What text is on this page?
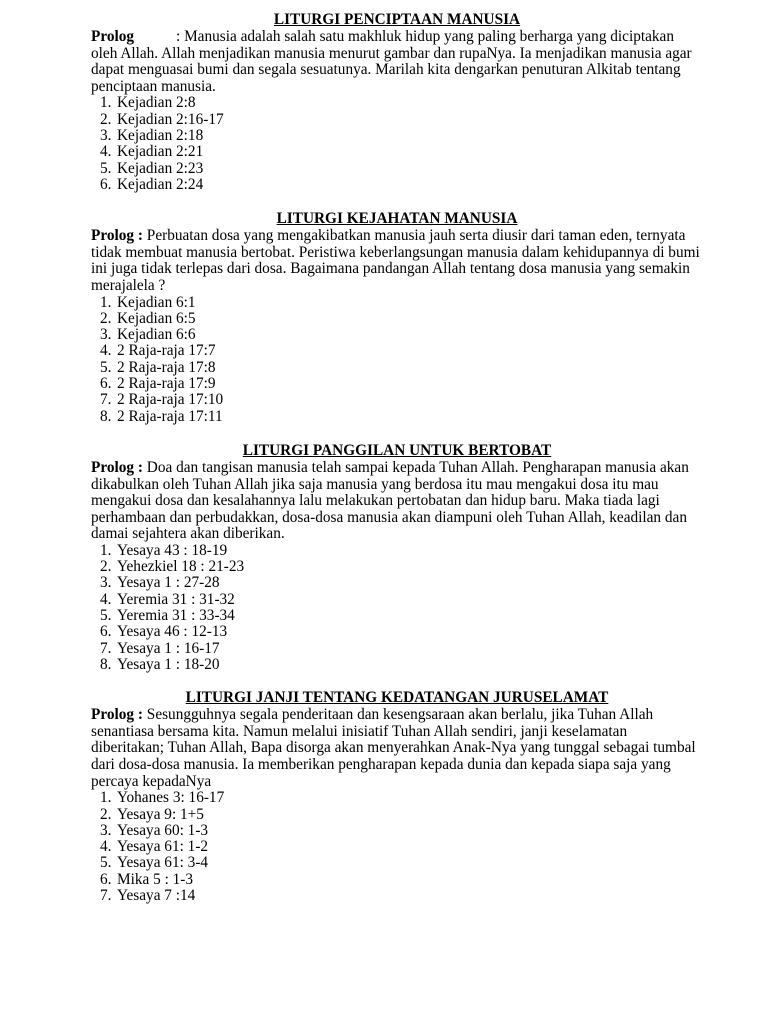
LITURGI PENCIPTAAN MANUSIA

Prolog	: Manusia adalah salah satu makhluk hidup yang paling berharga yang diciptakan oleh Allah. Allah menjadikan manusia menurut gambar dan rupaNya. Ia menjadikan manusia agar dapat menguasai bumi dan segala sesuatunya. Marilah kita dengarkan penuturan Alkitab tentang penciptaan manusia.

1. Kejadian 2:8
2. Kejadian 2:16-17
3. Kejadian 2:18
4. Kejadian 2:21
5. Kejadian 2:23
6. Kejadian 2:24
LITURGI KEJAHATAN MANUSIA

Prolog : Perbuatan dosa yang mengakibatkan manusia jauh serta diusir dari taman eden, ternyata tidak membuat manusia bertobat. Peristiwa keberlangsungan manusia dalam kehidupannya di bumi ini juga tidak terlepas dari dosa. Bagaimana pandangan Allah tentang dosa manusia yang semakin merajalela ?

1. Kejadian 6:1
2. Kejadian 6:5
3. Kejadian 6:6
4. 2 Raja-raja 17:7
5. 2 Raja-raja 17:8
6. 2 Raja-raja 17:9
7. 2 Raja-raja 17:10
8. 2 Raja-raja 17:11
LITURGI PANGGILAN UNTUK BERTOBAT

Prolog : Doa dan tangisan manusia telah sampai kepada Tuhan Allah. Pengharapan manusia akan dikabulkan oleh Tuhan Allah jika saja manusia yang berdosa itu mau mengakui dosa itu mau mengakui dosa dan kesalahannya lalu melakukan pertobatan dan hidup baru. Maka tiada lagi perhambaan dan perbudakkan, dosa-dosa manusia akan diampuni oleh Tuhan Allah, keadilan dan damai sejahtera akan diberikan.

1. Yesaya 43 : 18-19
2. Yehezkiel 18 : 21-23
3. Yesaya 1 : 27-28
4. Yeremia 31 : 31-32
5. Yeremia 31 : 33-34
6. Yesaya 46 : 12-13
7. Yesaya 1 : 16-17
8. Yesaya 1 : 18-20
LITURGI JANJI TENTANG KEDATANGAN JURUSELAMAT

Prolog : Sesungguhnya segala penderitaan dan kesengsaraan akan berlalu, jika Tuhan Allah senantiasa bersama kita. Namun melalui inisiatif Tuhan Allah sendiri, janji keselamatan diberitakan; Tuhan Allah, Bapa disorga akan menyerahkan Anak-Nya yang tunggal sebagai tumbal dari dosa-dosa manusia. Ia memberikan pengharapan kepada dunia dan kepada siapa saja yang percaya kepadaNya

1. Yohanes 3: 16-17
2. Yesaya 9: 1+5
3. Yesaya 60: 1-3
4. Yesaya 61: 1-2
5. Yesaya 61: 3-4
6. Mika 5 : 1-3
7. Yesaya 7 :14
